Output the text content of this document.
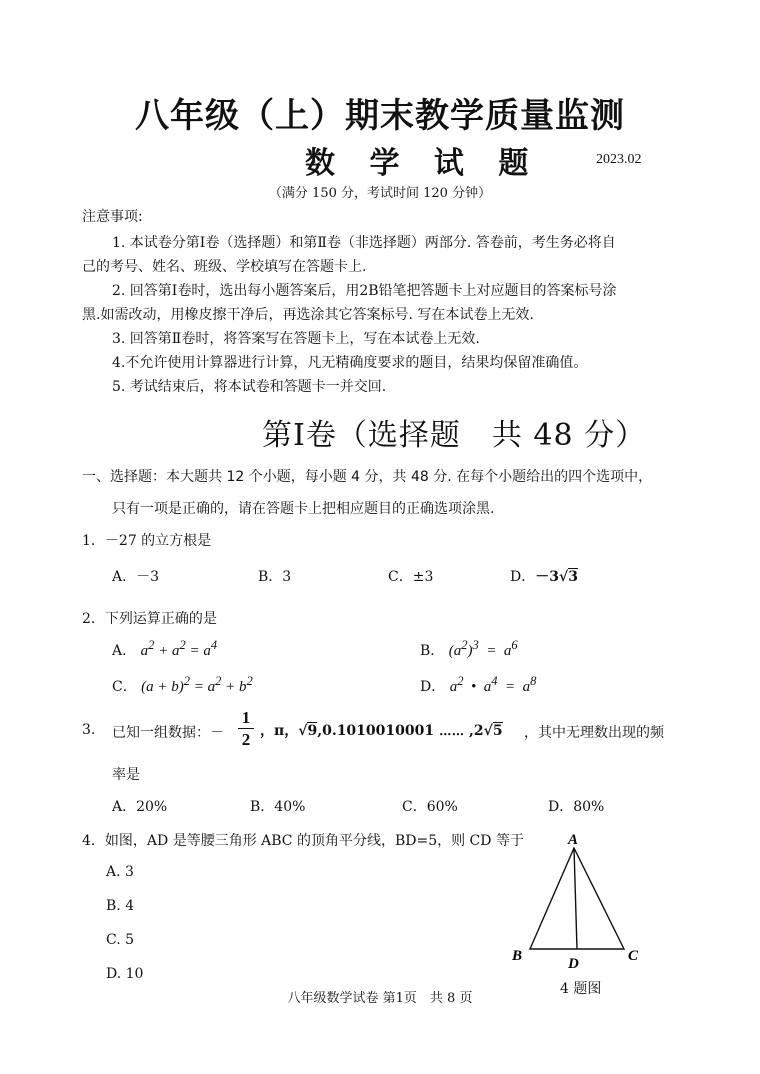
八年级（上）期末教学质量监测
数 学 试 题	2023.02
（满分 150 分，考试时间 120 分钟）
注意事项:
1. 本试卷分第Ⅰ卷（选择题）和第Ⅱ卷（非选择题）两部分. 答卷前，考生务必将自
己的考号、姓名、班级、学校填写在答题卡上.
2. 回答第Ⅰ卷时，选出每小题答案后，用2B铅笔把答题卡上对应题目的答案标号涂
黑.如需改动，用橡皮擦干净后，再选涂其它答案标号. 写在本试卷上无效.
3. 回答第Ⅱ卷时，将答案写在答题卡上，写在本试卷上无效.
4.不允许使用计算器进行计算，凡无精确度要求的题目，结果均保留准确值。
5. 考试结束后，将本试卷和答题卡一并交回.
第Ⅰ卷（选择题　共 48 分）
一、选择题：本大题共 12 个小题，每小题 4 分，共 48 分. 在每个小题给出的四个选项中，
只有一项是正确的，请在答题卡上把相应题目的正确选项涂黑.
1．－27 的立方根是
A．－3	B．3	C．±3	D．－3√3
2．下列运算正确的是
A． $a^2 + a^2 = a^4$	B． $(a^2)^3 = a^6$
C． $(a + b)^2 = a^2 + b^2$	D． $a^2$  •  $a^4 = a^8$
3. 已知一组数据：－ $\frac{1}{2}$ ，π，√9,0.1010010001 ⋯⋯ ,2√5 ，其中无理数出现的频
率是
A．20%	B．40%	C．60%	D．80%
4．如图，AD 是等腰三角形 ABC 的顶角平分线，BD=5，则 CD 等于
A. 3
B. 4
C. 5
D. 10
A
B	C
D
4 题图
八年级数学试卷 第1页　共 8 页
